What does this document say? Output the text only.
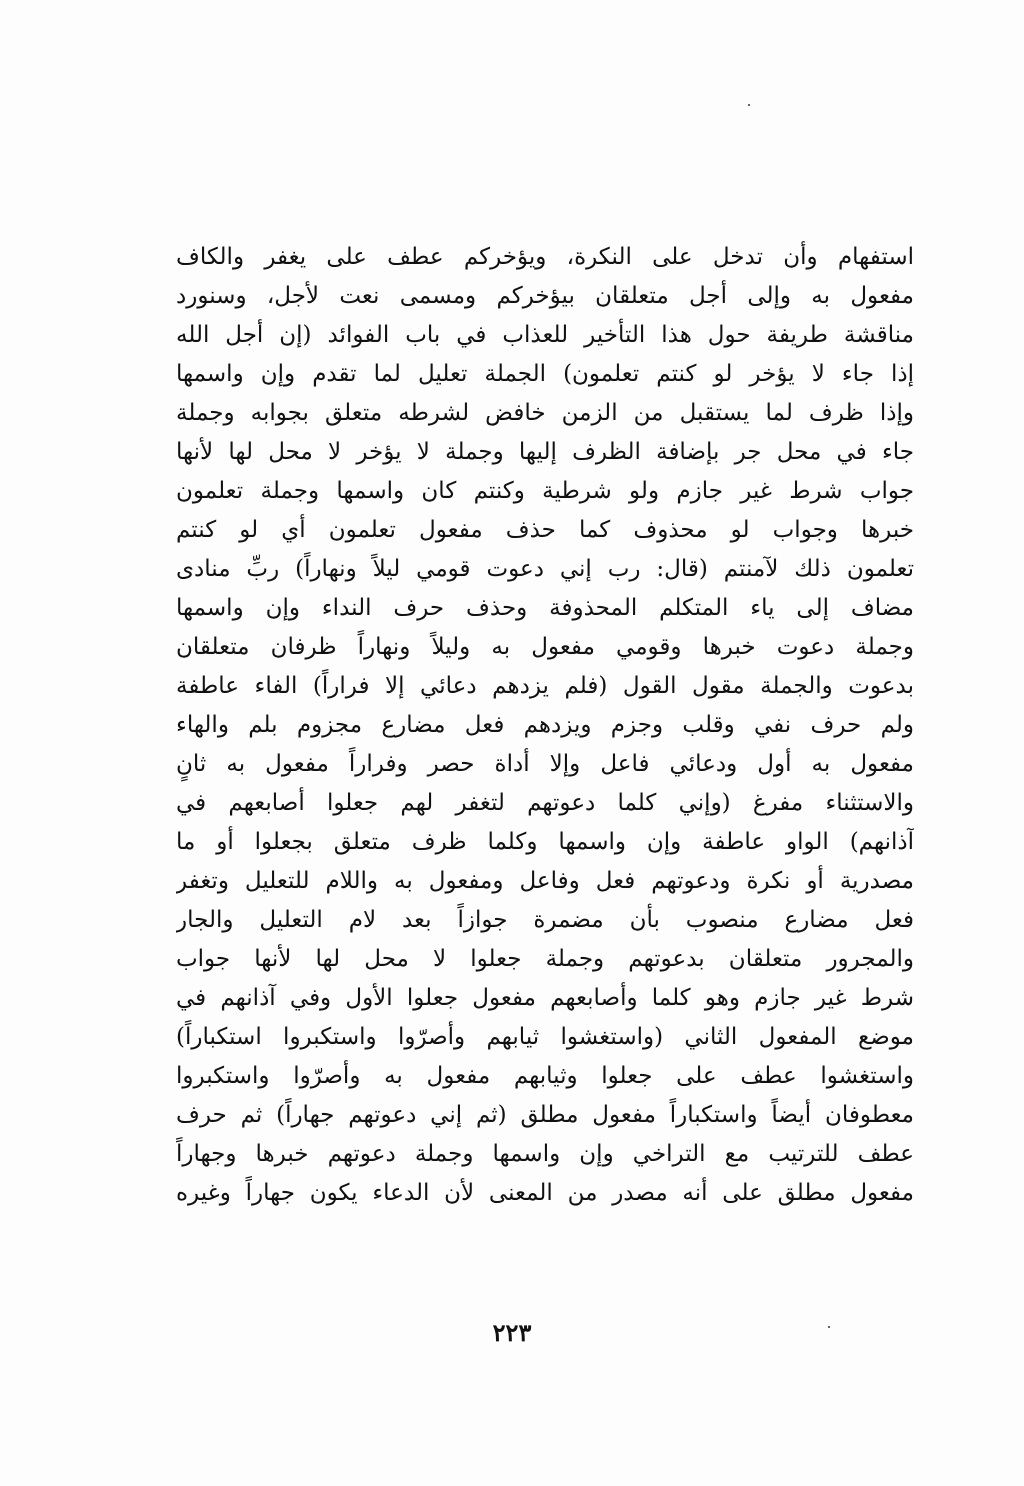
استفهام وأن تدخل على النكرة، ويؤخركم عطف على يغفر والكاف
مفعول به وإلى أجل متعلقان بيؤخركم ومسمى نعت لأجل، وسنورد
مناقشة طريفة حول هذا التأخير للعذاب في باب الفوائد (إن أجل الله
إذا جاء لا يؤخر لو كنتم تعلمون) الجملة تعليل لما تقدم وإن واسمها
وإذا ظرف لما يستقبل من الزمن خافض لشرطه متعلق بجوابه وجملة
جاء في محل جر بإضافة الظرف إليها وجملة لا يؤخر لا محل لها لأنها
جواب شرط غير جازم ولو شرطية وكنتم كان واسمها وجملة تعلمون
خبرها وجواب لو محذوف كما حذف مفعول تعلمون أي لو كنتم
تعلمون ذلك لآمنتم (قال: رب إني دعوت قومي ليلاً ونهاراً) ربِّ منادى
مضاف إلى ياء المتكلم المحذوفة وحذف حرف النداء وإن واسمها
وجملة دعوت خبرها وقومي مفعول به وليلاً ونهاراً ظرفان متعلقان
بدعوت والجملة مقول القول (فلم يزدهم دعائي إلا فراراً) الفاء عاطفة
ولم حرف نفي وقلب وجزم ويزدهم فعل مضارع مجزوم بلم والهاء
مفعول به أول ودعائي فاعل وإلا أداة حصر وفراراً مفعول به ثانٍ
والاستثناء مفرغ (وإني كلما دعوتهم لتغفر لهم جعلوا أصابعهم في
آذانهم) الواو عاطفة وإن واسمها وكلما ظرف متعلق بجعلوا أو ما
مصدرية أو نكرة ودعوتهم فعل وفاعل ومفعول به واللام للتعليل وتغفر
فعل مضارع منصوب بأن مضمرة جوازاً بعد لام التعليل والجار
والمجرور متعلقان بدعوتهم وجملة جعلوا لا محل لها لأنها جواب
شرط غير جازم وهو كلما وأصابعهم مفعول جعلوا الأول وفي آذانهم في
موضع المفعول الثاني (واستغشوا ثيابهم وأصرّوا واستكبروا استكباراً)
واستغشوا عطف على جعلوا وثيابهم مفعول به وأصرّوا واستكبروا
معطوفان أيضاً واستكباراً مفعول مطلق (ثم إني دعوتهم جهاراً) ثم حرف
عطف للترتيب مع التراخي وإن واسمها وجملة دعوتهم خبرها وجهاراً
مفعول مطلق على أنه مصدر من المعنى لأن الدعاء يكون جهاراً وغيره
٢٢٣
